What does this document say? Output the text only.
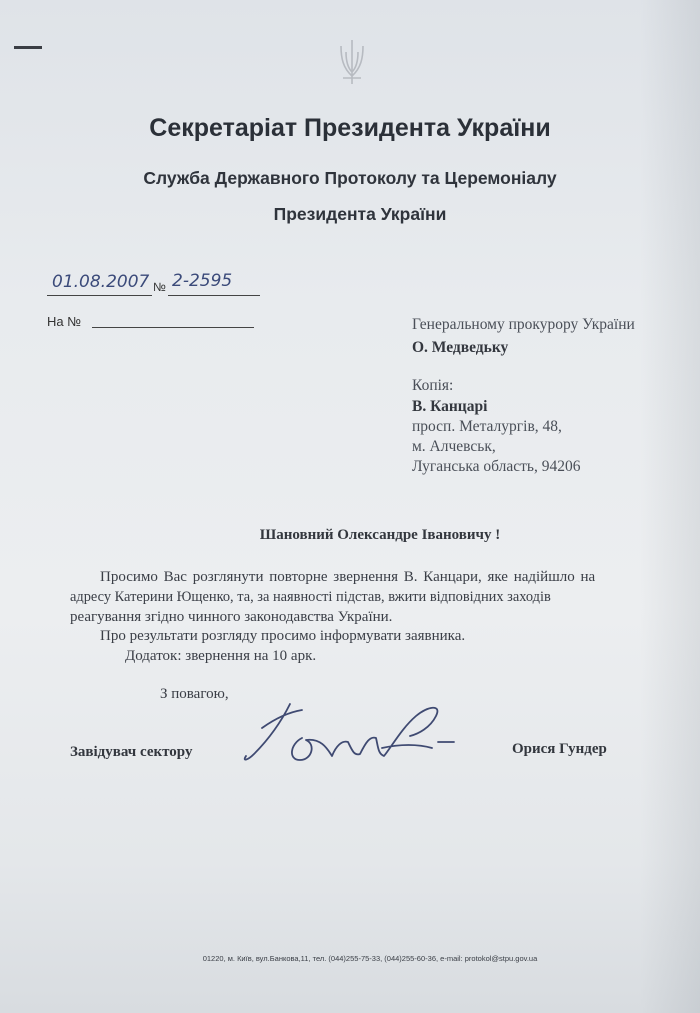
Секретаріат Президента України
Служба Державного Протоколу та Церемоніалу
Президента України
01.08.2007 № 2-2595
На №	Генеральному прокурору України
О. Медведьку
Копія:
В. Канцарі
просп. Металургів, 48,
м. Алчевськ,
Луганська область, 94206
Шановний Олександре Івановичу !
Просимо Вас розглянути повторне звернення В. Канцари, яке надійшло на
адресу Катерини Ющенко, та, за наявності підстав, вжити відповідних заходів
реагування згідно чинного законодавства України.
Про результати розгляду просимо інформувати заявника.
Додаток: звернення на 10 арк.
З повагою,
Завідувач сектору	Орися Гундер
01220, м. Київ, вул.Банкова,11, тел. (044)255-75-33, (044)255-60-36, e-mail: protokol@stpu.gov.ua
